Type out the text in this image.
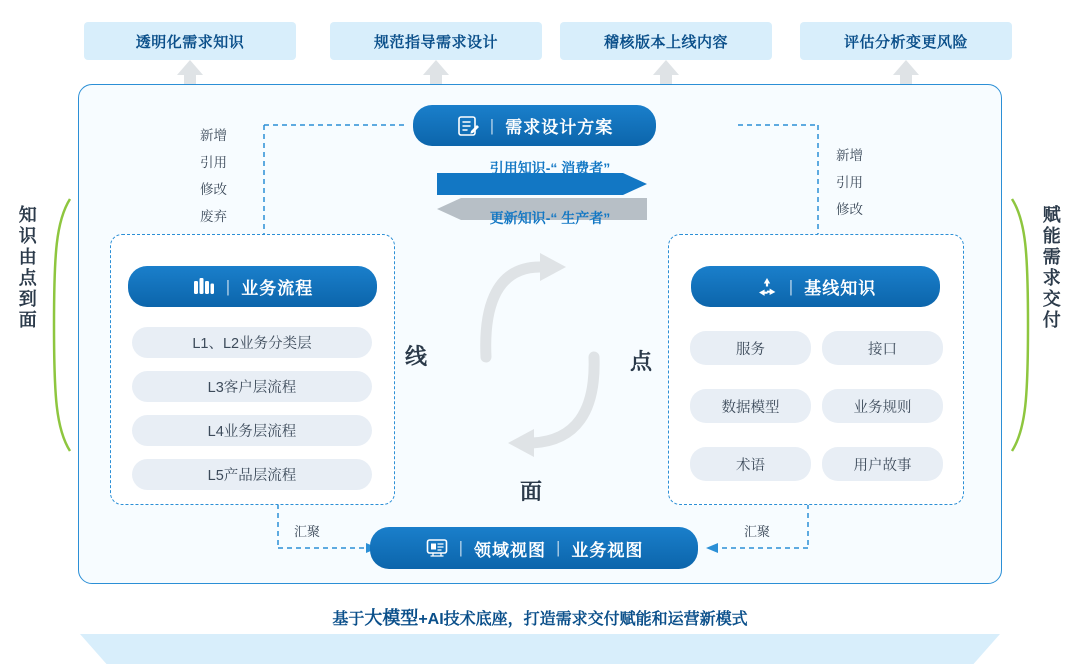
透明化需求知识	规范指导需求设计	稽核版本上线内容	评估分析变更风险
知识由点到面	赋能需求交付
| 需求设计方案
引用知识-“ 消费者”
更新知识-“ 生产者”
新增
引用
修改
废弃
新增
引用
修改
| 业务流程
L1、L2业务分类层
L3客户层流程
L4业务层流程
L5产品层流程
| 基线知识
服务	接口
数据模型	业务规则
术语	用户故事
线	点
面
汇聚	汇聚
| 领域视图 | 业务视图
基于大模型+AI技术底座，打造需求交付赋能和运营新模式
